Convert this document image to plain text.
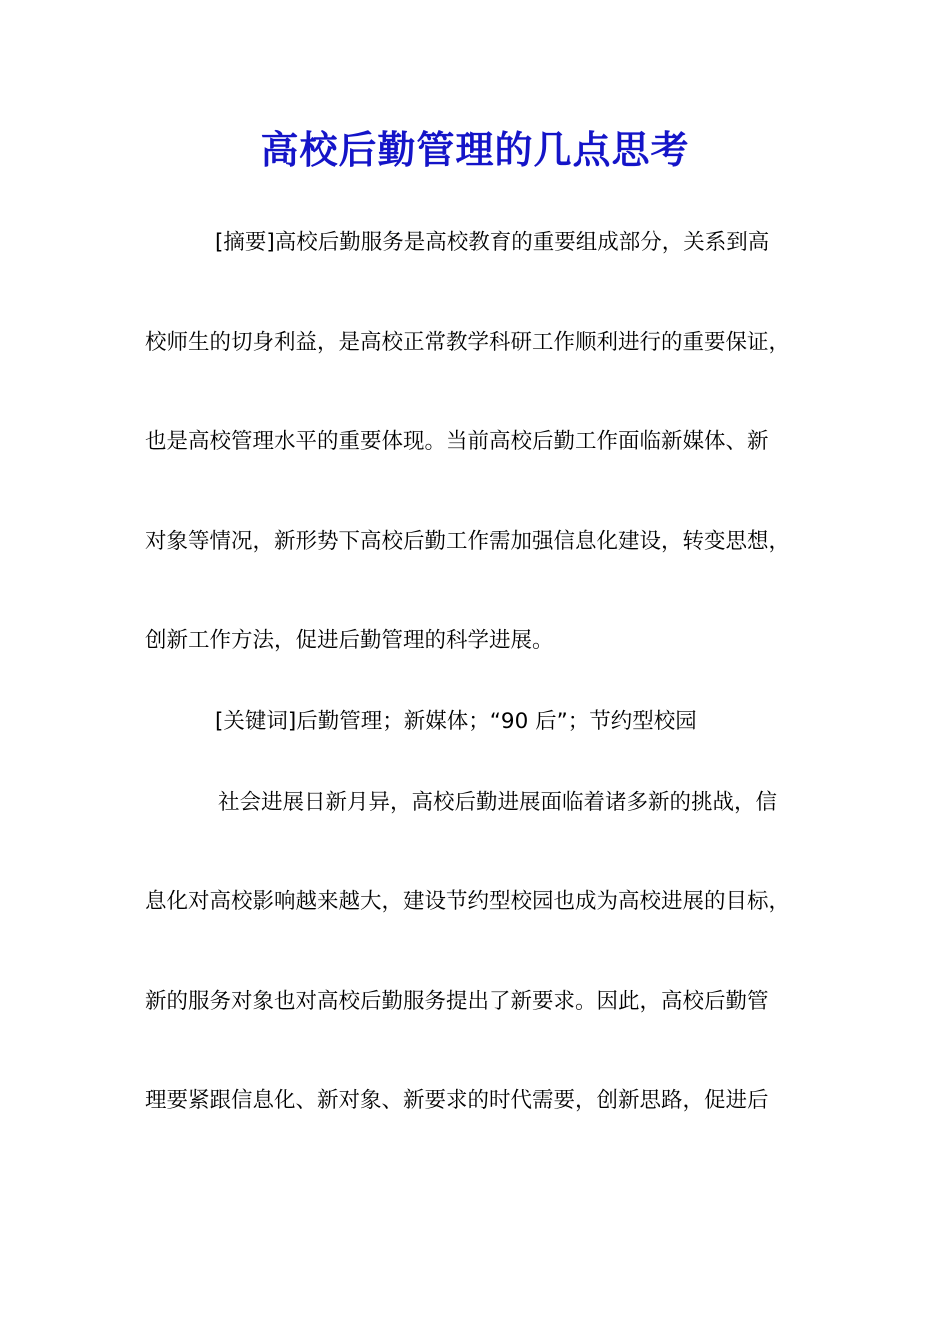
高校后勤管理的几点思考
[摘要]高校后勤服务是高校教育的重要组成部分，关系到高
校师生的切身利益，是高校正常教学科研工作顺利进行的重要保证，
也是高校管理水平的重要体现。当前高校后勤工作面临新媒体、新
对象等情况，新形势下高校后勤工作需加强信息化建设，转变思想，
创新工作方法，促进后勤管理的科学进展。
[关键词]后勤管理；新媒体；“90 后”；节约型校园
社会进展日新月异，高校后勤进展面临着诸多新的挑战，信
息化对高校影响越来越大，建设节约型校园也成为高校进展的目标，
新的服务对象也对高校后勤服务提出了新要求。因此，高校后勤管
理要紧跟信息化、新对象、新要求的时代需要，创新思路，促进后
